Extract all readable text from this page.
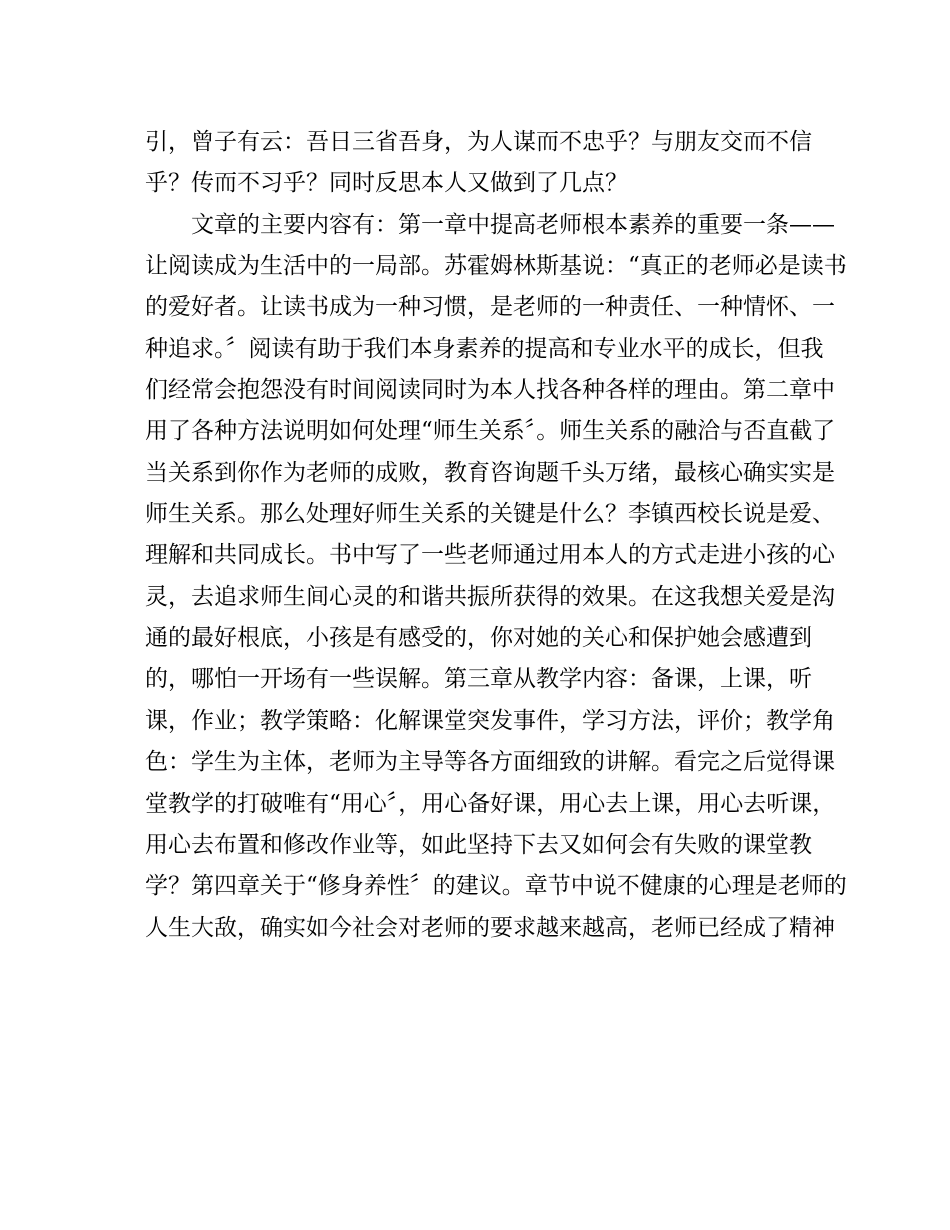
引，曾子有云：吾日三省吾身，为人谋而不忠乎？与朋友交而不信
乎？传而不习乎？同时反思本人又做到了几点？
　　文章的主要内容有：第一章中提高老师根本素养的重要一条——
让阅读成为生活中的一局部。苏霍姆林斯基说：“真正的老师必是读书
的爱好者。让读书成为一种习惯，是老师的一种责任、一种情怀、一
种追求。〞阅读有助于我们本身素养的提高和专业水平的成长，但我
们经常会抱怨没有时间阅读同时为本人找各种各样的理由。第二章中
用了各种方法说明如何处理“师生关系〞。师生关系的融洽与否直截了
当关系到你作为老师的成败，教育咨询题千头万绪，最核心确实实是
师生关系。那么处理好师生关系的关键是什么？李镇西校长说是爱、
理解和共同成长。书中写了一些老师通过用本人的方式走进小孩的心
灵，去追求师生间心灵的和谐共振所获得的效果。在这我想关爱是沟
通的最好根底，小孩是有感受的，你对她的关心和保护她会感遭到
的，哪怕一开场有一些误解。第三章从教学内容：备课，上课，听
课，作业；教学策略：化解课堂突发事件，学习方法，评价；教学角
色：学生为主体，老师为主导等各方面细致的讲解。看完之后觉得课
堂教学的打破唯有“用心〞，用心备好课，用心去上课，用心去听课，
用心去布置和修改作业等，如此坚持下去又如何会有失败的课堂教
学？第四章关于“修身养性〞的建议。章节中说不健康的心理是老师的
人生大敌，确实如今社会对老师的要求越来越高，老师已经成了精神
